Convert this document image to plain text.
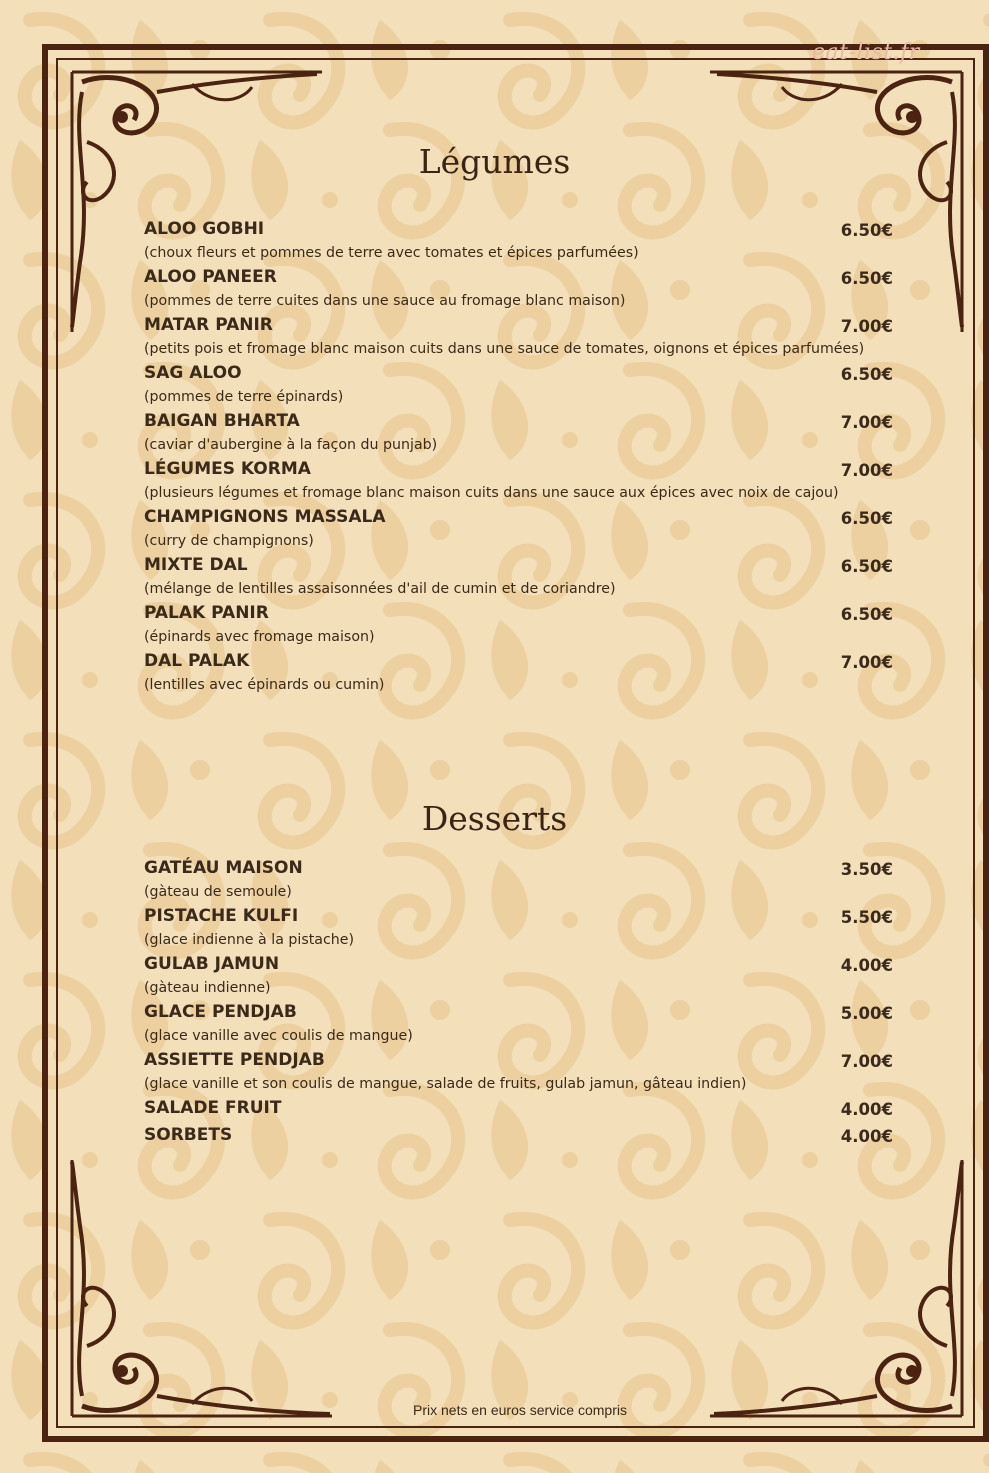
eat-list.fr
Légumes
ALOO GOBHI	6.50€
(choux fleurs et pommes de terre avec tomates et épices parfumées)
ALOO PANEER	6.50€
(pommes de terre cuites dans une sauce au fromage blanc maison)
MATAR PANIR	7.00€
(petits pois et fromage blanc maison cuits dans une sauce de tomates, oignons et épices parfumées)
SAG ALOO	6.50€
(pommes de terre épinards)
BAIGAN BHARTA	7.00€
(caviar d'aubergine à la façon du punjab)
LÉGUMES KORMA	7.00€
(plusieurs légumes et fromage blanc maison cuits dans une sauce aux épices avec noix de cajou)
CHAMPIGNONS MASSALA	6.50€
(curry de champignons)
MIXTE DAL	6.50€
(mélange de lentilles assaisonnées d'ail de cumin et de coriandre)
PALAK PANIR	6.50€
(épinards avec fromage maison)
DAL PALAK	7.00€
(lentilles avec épinards ou cumin)
Desserts
GATÉAU MAISON	3.50€
(gàteau de semoule)
PISTACHE KULFI	5.50€
(glace indienne à la pistache)
GULAB JAMUN	4.00€
(gàteau indienne)
GLACE PENDJAB	5.00€
(glace vanille avec coulis de mangue)
ASSIETTE PENDJAB	7.00€
(glace vanille et son coulis de mangue, salade de fruits, gulab jamun, gâteau indien)
SALADE FRUIT	4.00€
SORBETS	4.00€
Prix nets en euros service compris
